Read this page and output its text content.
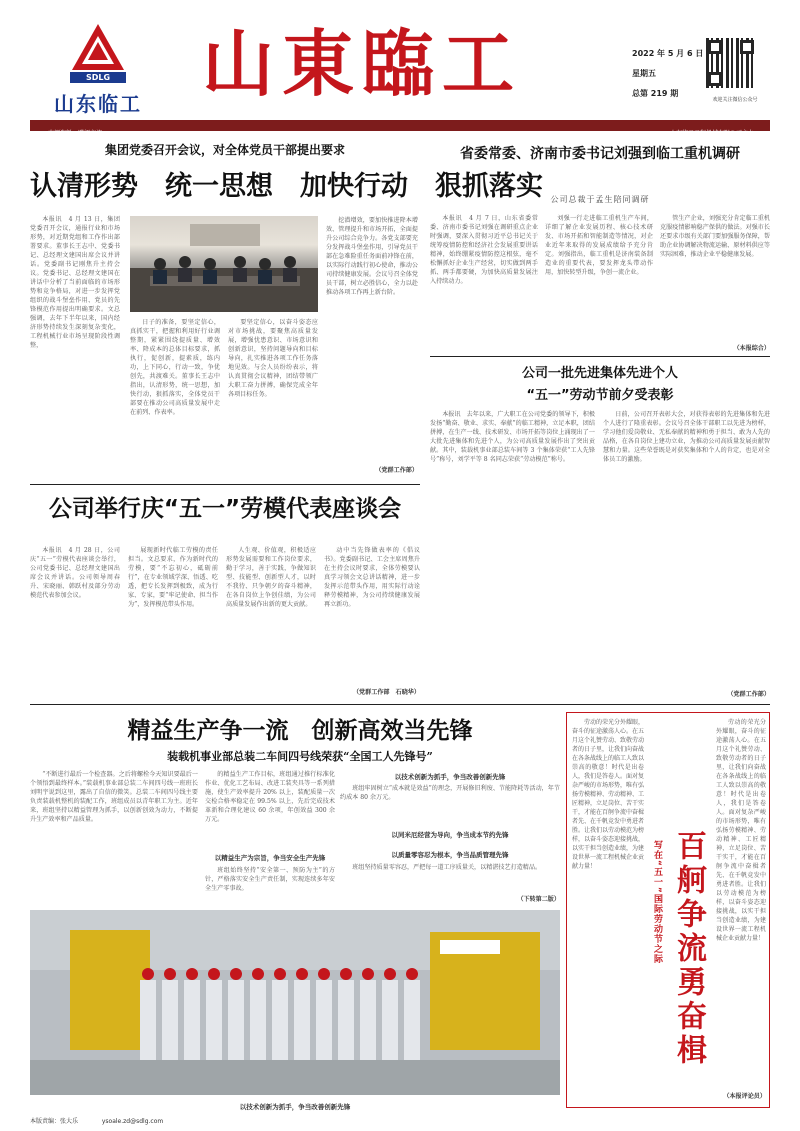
SDLG
山东临工 山東臨工	2022 年 5 月 6 日
星期五
总第 219 期
欢迎关注微信公众号
内部资料　赠阅交流	山东临工工程机械有限公司主办
集团党委召开会议，对全体党员干部提出要求
认清形势　统一思想　加快行动　狠抓落实

本报讯　4 月 13 日，集团党委召开会议，通报行业和市场形势，对近期党组和工作作出部署要求。董事长王志中、党委书记、总经理文建国出席会议并讲话。党委副书记刚焦升主持会议。党委书记、总经理文建国在讲话中分析了当前面临的市场形势和竞争格局，对进一步发挥党组织的战斗堡垒作用、党员的先锋模范作用提出明确要求。文总强调，去年下半年以来，国内经济形势持续发生深刻复杂变化，工程机械行业市场呈现阶段性调整，

日子的准备，要坚定信心，真抓实干，把握和利用好行业调整期，紧紧围绕提质量、增效率、降成本的总体目标要求，抓执行，促创新，提素质，练内功，上下同心，行动一致，争优创先，共渡难关。董事长王志中指出，认清形势，统一思想，加快行动，狠抓落实，全体党员干部要在推动公司高质量发展中走在前列、作表率。

要坚定信心，以奋斗姿态应对市场挑战，要聚焦高质量发展，增强忧患意识、市场意识和创新意识，坚持问题导向和目标导向，扎实推进各项工作任务落地见效。与会人员纷纷表示，将认真贯彻会议精神，团结带领广大职工奋力拼搏，确保完成全年各项目标任务。

挖潜增效，要加快推进降本增效、管理提升和市场开拓，全面提升公司综合竞争力。各党支部要充分发挥战斗堡垒作用，引导党员干部在急难险重任务面前冲锋在前，以实际行动践行初心使命，推动公司持续健康发展。会议号召全体党员干部，树立必胜信心，全力以赴推动各项工作再上新台阶。

（党群工作部）
省委常委、济南市委书记刘强到临工重机调研
公司总裁于孟生陪同调研

本报讯　4 月 7 日，山东省委常委、济南市委书记刘强在调研重点企业时强调，要深入贯彻习近平总书记关于统筹疫情防控和经济社会发展重要讲话精神，始终绷紧疫情防控这根弦，毫不松懈抓好企业生产经营，切实做到两手抓、两手都要硬，为加快高质量发展注入持续动力。

刘强一行走进临工重机生产车间，详细了解企业发展历程、核心技术研发、市场开拓和智能制造等情况，对企业近年来取得的发展成绩给予充分肯定。刘强指出，临工重机是济南装备制造业的重要代表，要发挥龙头带动作用，加快转型升级，争创一流企业。

管生产企业，刘强充分肯定临工重机克服疫情影响稳产保供的做法。对强市长还要求市级有关部门要加强服务保障，帮助企业协调解决物流运输、原材料供应等实际困难，推动企业平稳健康发展。

（本报综合）
公司一批先进集体先进个人
“五一”劳动节前夕受表彰

本报讯　去年以来，广大职工在公司党委的领导下，积极发扬“勤奋、敬业、求实、奉献”的临工精神，立足本职，团结拼搏，在生产一线、技术研发、市场开拓等岗位上涌现出了一大批先进集体和先进个人，为公司高质量发展作出了突出贡献。其中，装载机事业部总装车间等 3 个集体荣获“工人先锋号”称号，刘学平等 8 名同志荣获“劳动模范”称号。

日前，公司召开表彰大会，对获得表彰的先进集体和先进个人进行了隆重表彰。会议号召全体干部职工以先进为榜样，学习他们爱岗敬业、无私奉献的精神和勇于担当、敢为人先的品格，在各自岗位上建功立业，为推动公司高质量发展贡献智慧和力量。这些荣誉既是对获奖集体和个人的肯定，也是对全体员工的激励。

（党群工作部）
公司举行庆“五一”劳模代表座谈会

本报讯　4 月 28 日，公司庆“五一”劳模代表座谈会举行，公司党委书记、总经理文建国出席会议并讲话。公司领导周春升、宋晓丽、韩跃村及部分劳动模范代表参加会议。

展现新时代临工劳模的责任担当。文总要求，作为新时代的劳模，要“不忘初心，砥砺前行”，在专业领域学深、悟透、吃透，把专长发挥到极致，成为行家、专家，要“牢记使命、担当作为”，发挥模范带头作用。

人生观、价值观，积极适应形势发展需要和工作岗位要求，勤于学习，善于实践，争做知识型、技能型、创新型人才，以时不我待、只争朝夕的奋斗精神，在各自岗位上争创佳绩，为公司高质量发展作出新的更大贡献。

动中当先锋做表率的《倡议书》。党委副书记、工会主席周焦升在主持会议时要求，全体劳模要认真学习领会文总讲话精神，进一步发挥示范带头作用，用实际行动诠释劳模精神，为公司持续健康发展再立新功。

（党群工作部　石晓华）
精益生产争一流　创新高效当先锋
装载机事业部总装二车间四号线荣获“全国工人先锋号”

“不断进行最后一个检查器。之后将螺栓今天知识要最后一个领悟到最终样本。”装载机事业部总装二车间四号线一班班长刘明宇说到这里，露出了自信的微笑。总装二车间四号线主要负责装载机整机的装配工作，班组成员以青年职工为主。近年来，班组坚持以精益管理为抓手，以创新创效为动力，不断提升生产效率和产品质量。

的精益生产工作目标，班组通过推行标准化作业、优化工艺布局、改进工装夹具等一系列措施，使生产效率提升 20% 以上，装配质量一次交检合格率稳定在 99.5% 以上，先后完成技术革新和合理化建议 60 余项，年创效益 300 余万元。

以技术创新为抓手，争当改善创新先锋

班组牢固树立“成本就是效益”的理念，开展修旧利废、节能降耗等活动，年节约成本 80 余万元。

以精益生产为宗旨，争当安全生产先锋

班组始终坚持“安全第一、预防为主”的方针，严格落实安全生产责任制，实现连续多年安全生产零事故。

以同米厄经营为导向，争当成本节约先锋
以质量零容忍为根本，争当品质管理先锋

班组坚持质量零容忍，严把每一道工序质量关，以精湛技艺打造精品。

（下转第二版）
以技术创新为抓手，争当改善创新先锋

劳动的荣光分外耀眼，奋斗的征途激荡人心。在五月这个礼赞劳动、致敬劳动者的日子里，让我们向奋战在各条战线上的临工人致以崇高的敬意！时代是出卷人，我们是答卷人。面对复杂严峻的市场形势，唯有弘扬劳模精神、劳动精神、工匠精神，立足岗位、苦干实干，才能在百舸争流中奋楫者先、在千帆竞发中勇进者胜。让我们以劳动模范为榜样，以奋斗姿态迎接挑战，以实干担当创造业绩，为建设世界一流工程机械企业贡献力量！	写在“五一”国际劳动节之际 百舸争流勇奋楫

劳动的荣光分外耀眼，奋斗的征途激荡人心。在五月这个礼赞劳动、致敬劳动者的日子里，让我们向奋战在各条战线上的临工人致以崇高的敬意！时代是出卷人，我们是答卷人。面对复杂严峻的市场形势，唯有弘扬劳模精神、劳动精神、工匠精神，立足岗位、苦干实干，才能在百舸争流中奋楫者先、在千帆竞发中勇进者胜。让我们以劳动模范为榜样，以奋斗姿态迎接挑战，以实干担当创造业绩，为建设世界一流工程机械企业贡献力量！

（本报评论员）
本版责编：张大乐	ysoale.zd@sdlg.com
